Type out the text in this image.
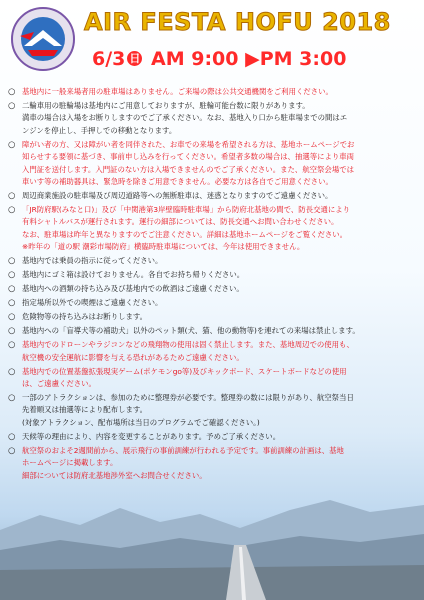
AIR FESTA HOFU 2018
6/3 日 AM 9:00 ▶PM 3:00
○ 基地内に一般来場者用の駐車場はありません。ご来場の際は公共交通機関をご利用ください。
○ 二輪車用の駐輪場は基地内にご用意しておりますが、駐輪可能台数に限りがあります。
満車の場合は入場をお断りしますのでご了承ください。なお、基地入り口から駐車場までの間はエ
ンジンを停止し、手押しでの移動となります。
○ 障がい者の方、又は障がい者を同伴された、お車での来場を希望される方は、基地ホームページでお
知らせする要領に基づき、事前申し込みを行ってください。希望者多数の場合は、抽選等により車両
入門証を送付します。入門証のない方は入場できませんのでご了承ください。また、航空祭会場では
車いす等の補助器具は、緊急時を除きご用意できません。必要な方は各自でご用意ください。
○ 周辺商業施設の駐車場及び周辺道路等への無断駐車は、迷惑となりますのでご遠慮ください。
○ 「JR防府駅(みなと口)」及び「中関港第3岸壁臨時駐車場」から防府北基地の間で、防長交通により
有料シャトルバスが運行されます。運行の細部については、防長交通へお問い合わせください。
なお、駐車場は昨年と異なりますのでご注意ください。詳細は基地ホームページをご覧ください。
※昨年の「道の駅 潮彩市場防府」横臨時駐車場については、今年は使用できません。
○ 基地内では乗員の指示に従ってください。
○ 基地内にゴミ箱は設けておりません。各自でお持ち帰りください。
○ 基地内への酒類の持ち込み及び基地内での飲酒はご遠慮ください。
○ 指定場所以外での喫煙はご遠慮ください。
○ 危険物等の持ち込みはお断りします。
○ 基地内への「盲導犬等の補助犬」以外のペット類(犬、猫、他の動物等)を連れての来場は禁止します。
○ 基地内でのドローンやラジコンなどの飛翔物の使用は固く禁止します。また、基地周辺での使用も、
航空機の安全運航に影響を与える恐れがあるためご遠慮ください。
○ 基地内での位置基盤拡張現実ゲーム(ポケモンgo等)及びキックボード、スケートボードなどの使用
は、ご遠慮ください。
○ 一部のアトラクションは、参加のために整理券が必要です。整理券の数には限りがあり、航空祭当日
先着順又は抽選等により配布します。
(対象アトラクション、配布場所は当日のプログラムでご確認ください。)
○ 天候等の理由により、内容を変更することがあります。予めご了承ください。
○ 航空祭のおよそ2週間前から、展示飛行の事前訓練が行われる予定です。事前訓練の計画は、基地
ホームページに掲載します。
細部については防府北基地渉外室へお問合せください。
